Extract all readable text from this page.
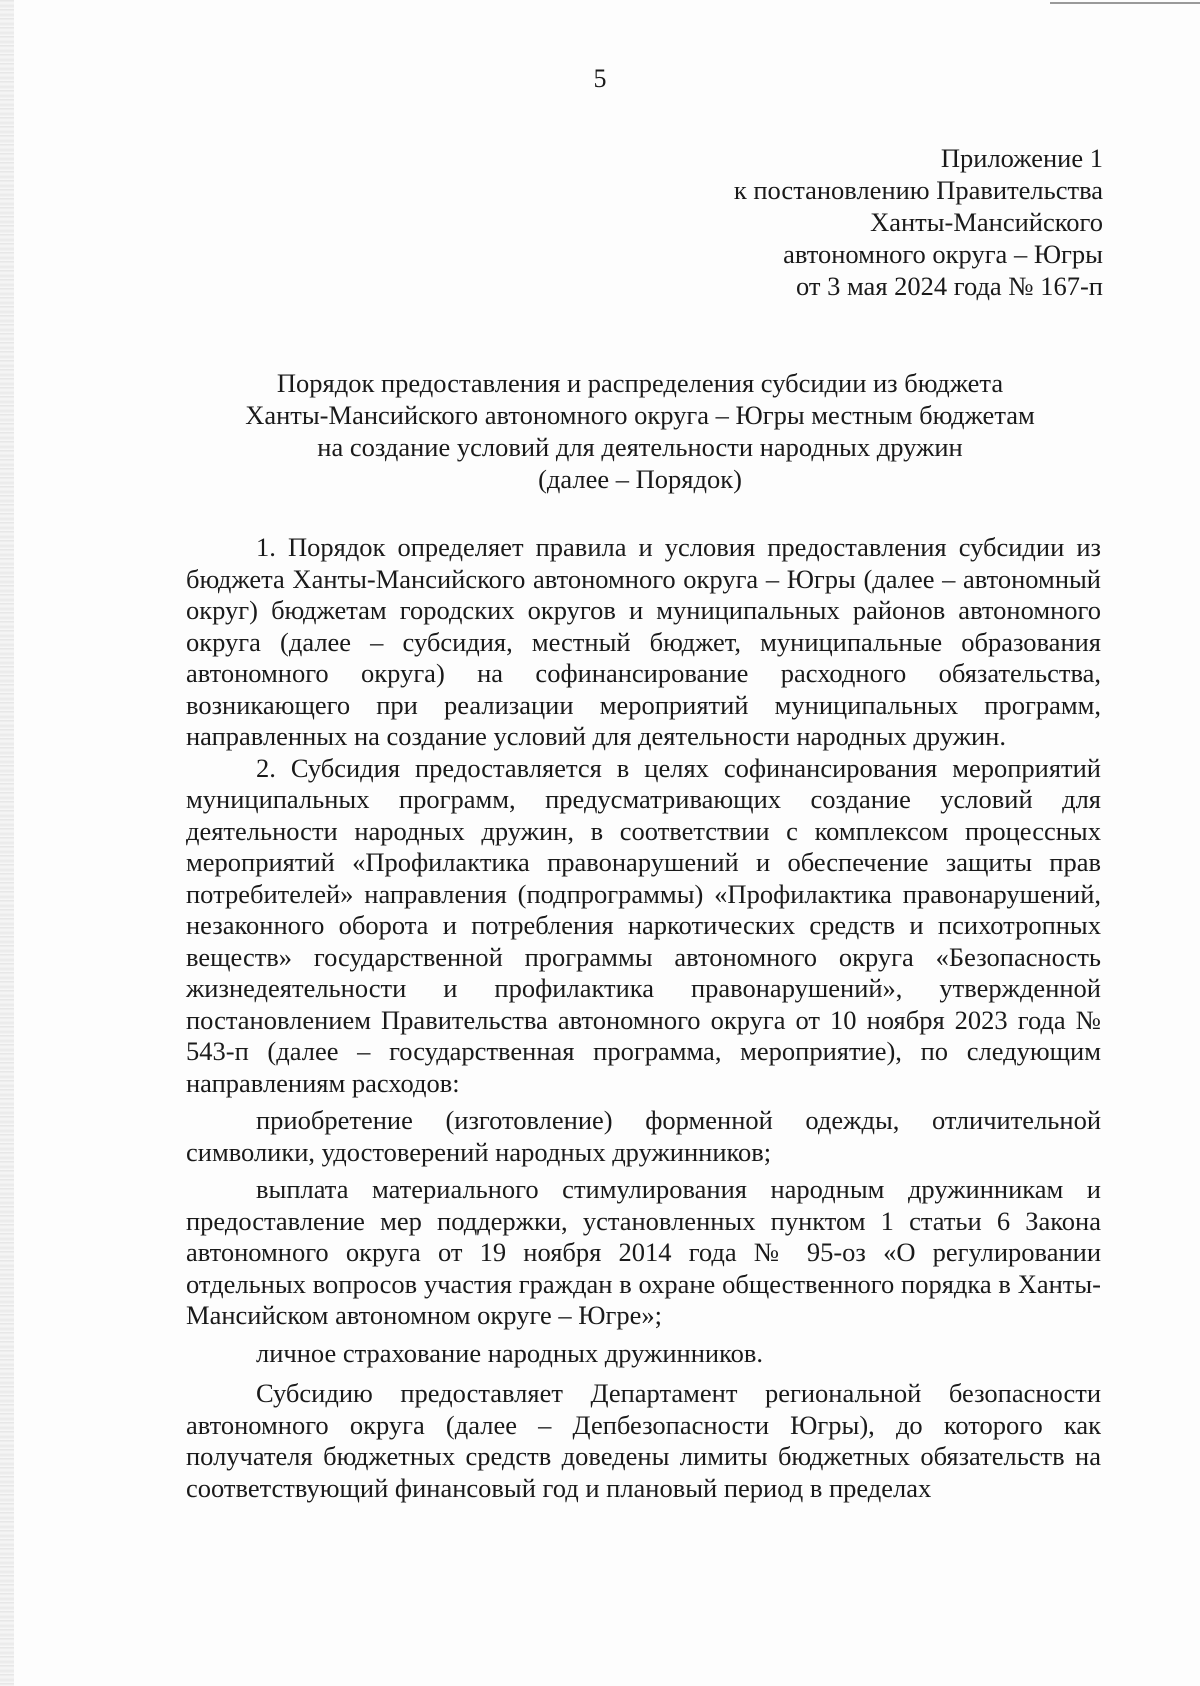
5
Приложение 1
к постановлению Правительства
Ханты-Мансийского
автономного округа – Югры
от 3 мая 2024 года № 167-п
Порядок предоставления и распределения субсидии из бюджета
Ханты-Мансийского автономного округа – Югры местным бюджетам
на создание условий для деятельности народных дружин
(далее – Порядок)

1. Порядок определяет правила и условия предоставления субсидии из бюджета Ханты-Мансийского автономного округа – Югры (далее – автономный округ) бюджетам городских округов и муниципальных районов автономного округа (далее – субсидия, местный бюджет, муниципальные образования автономного округа) на софинансирование расходного обязательства, возникающего при реализации мероприятий муниципальных программ, направленных на создание условий для деятельности народных дружин.

2. Субсидия предоставляется в целях софинансирования мероприятий муниципальных программ, предусматривающих создание условий для деятельности народных дружин, в соответствии с комплексом процессных мероприятий «Профилактика правонарушений и обеспечение защиты прав потребителей» направления (подпрограммы) «Профилактика правонарушений, незаконного оборота и потребления наркотических средств и психотропных веществ» государственной программы автономного округа «Безопасность жизнедеятельности и профилактика правонарушений», утвержденной постановлением Правительства автономного округа от 10 ноября 2023 года № 543-п (далее – государственная программа, мероприятие), по следующим направлениям расходов:

приобретение (изготовление) форменной одежды, отличительной символики, удостоверений народных дружинников;

выплата материального стимулирования народным дружинникам и предоставление мер поддержки, установленных пунктом 1 статьи 6 Закона автономного округа от 19 ноября 2014 года № 95-оз «О регулировании отдельных вопросов участия граждан в охране общественного порядка в Ханты-Мансийском автономном округе – Югре»;

личное страхование народных дружинников.

Субсидию предоставляет Департамент региональной безопасности автономного округа (далее – Депбезопасности Югры), до которого как получателя бюджетных средств доведены лимиты бюджетных обязательств на соответствующий финансовый год и плановый период в пределах
